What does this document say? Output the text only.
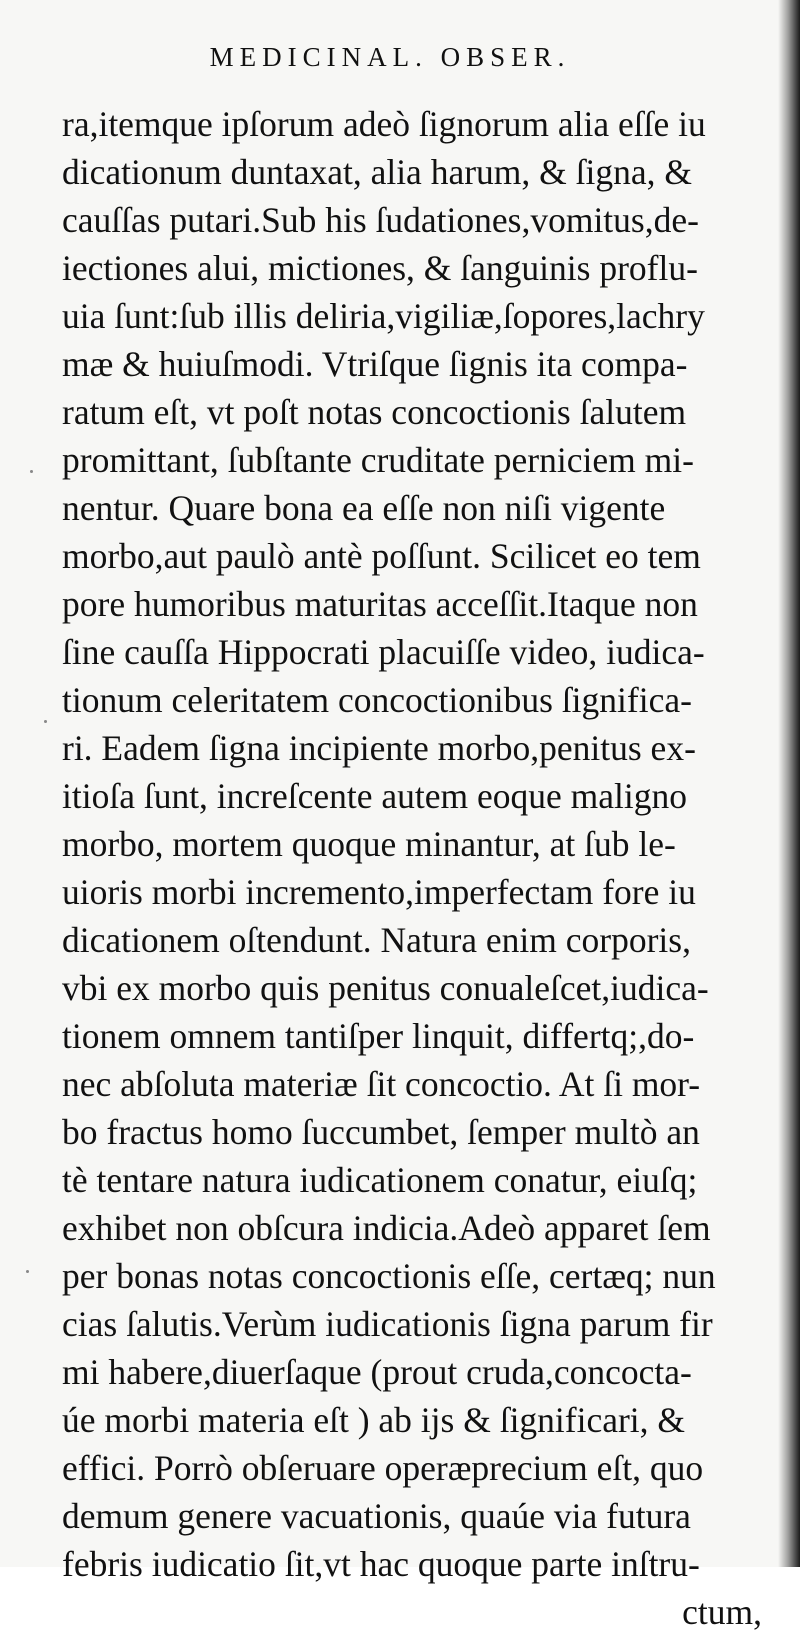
MEDICINAL. OBSER.
ra,itemque ipſorum adeò ſignorum alia eſſe iu
dicationum duntaxat, alia harum, & ſigna, &
cauſſas putari.Sub his ſudationes,vomitus,de-
iectiones alui, mictiones, & ſanguinis proflu-
uia ſunt:ſub illis deliria,vigiliæ,ſopores,lachry
mæ & huiuſmodi. Vtriſque ſignis ita compa-
ratum eſt, vt poſt notas concoctionis ſalutem
promittant, ſubſtante cruditate perniciem mi-
nentur. Quare bona ea eſſe non niſi vigente
morbo,aut paulò antè poſſunt. Scilicet eo tem
pore humoribus maturitas acceſſit.Itaque non
ſine cauſſa Hippocrati placuiſſe video, iudica-
tionum celeritatem concoctionibus ſignifica-
ri. Eadem ſigna incipiente morbo,penitus ex-
itioſa ſunt, increſcente autem eoque maligno
morbo, mortem quoque minantur, at ſub le-
uioris morbi incremento,imperfectam fore iu
dicationem oſtendunt. Natura enim corporis,
vbi ex morbo quis penitus conualeſcet,iudica-
tionem omnem tantiſper linquit, differtq;,do-
nec abſoluta materiæ ſit concoctio. At ſi mor-
bo fractus homo ſuccumbet, ſemper multò an
tè tentare natura iudicationem conatur, eiuſq;
exhibet non obſcura indicia.Adeò apparet ſem
per bonas notas concoctionis eſſe, certæq; nun
cias ſalutis.Verùm iudicationis ſigna parum fir
mi habere,diuerſaque (prout cruda,concocta-
úe morbi materia eſt ) ab ijs & ſignificari, &
effici. Porrò obſeruare operæprecium eſt, quo
demum genere vacuationis, quaúe via futura
febris iudicatio ſit,vt hac quoque parte inſtru-
ctum,
